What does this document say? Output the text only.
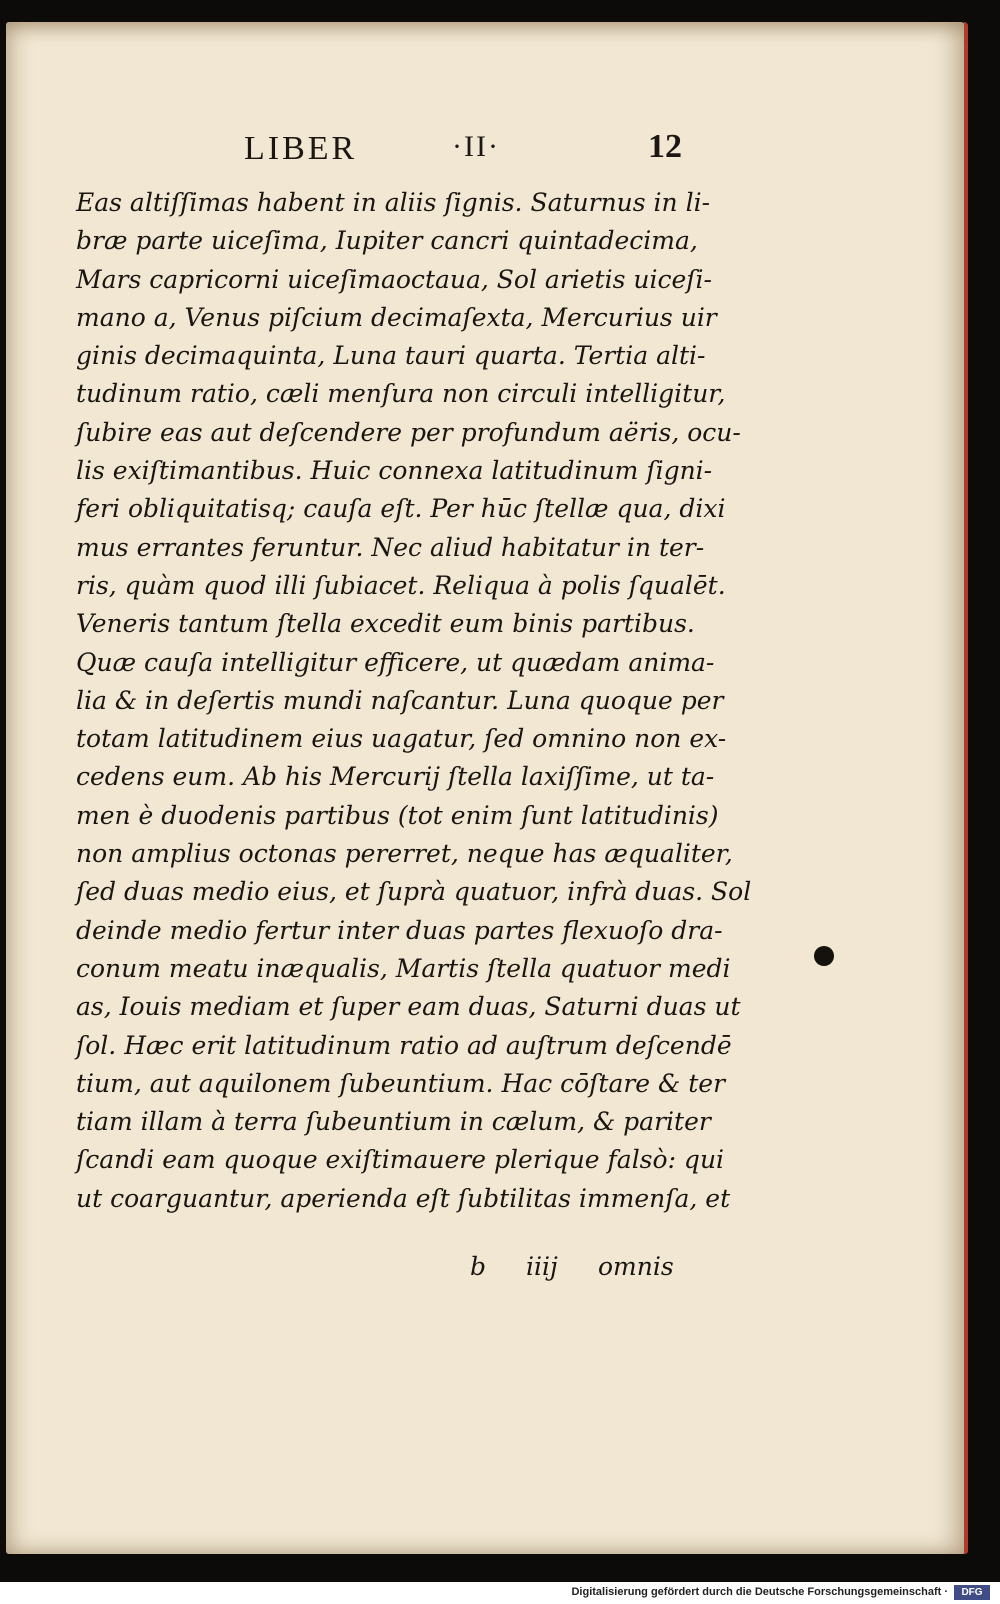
LIBER	·II·	12
Eas altiſſimas habent in aliis ſignis. Saturnus in li-
bræ parte uiceſima, Iupiter cancri quintadecima,
Mars capricorni uiceſimaoctaua, Sol arietis uiceſi-
mano a, Venus piſcium decimaſexta, Mercurius uir
ginis decimaquinta, Luna tauri quarta. Tertia alti-
tudinum ratio, cæli menſura non circuli intelligitur,
ſubire eas aut deſcendere per profundum aëris, ocu-
lis exiſtimantibus. Huic connexa latitudinum ſigni-
feri obliquitatisq; cauſa eſt. Per hūc ſtellæ qua, dixi
mus errantes feruntur. Nec aliud habitatur in ter-
ris, quàm quod illi ſubiacet. Reliqua à polis ſqualēt.
Veneris tantum ſtella excedit eum binis partibus.
Quæ cauſa intelligitur efficere, ut quædam anima-
lia & in deſertis mundi naſcantur. Luna quoque per
totam latitudinem eius uagatur, ſed omnino non ex-
cedens eum. Ab his Mercurij ſtella laxiſſime, ut ta-
men è duodenis partibus (tot enim ſunt latitudinis)
non amplius octonas pererret, neque has æqualiter,
ſed duas medio eius, et ſuprà quatuor, infrà duas. Sol
deinde medio fertur inter duas partes flexuoſo dra-
conum meatu inæqualis, Martis ſtella quatuor medi
as, Iouis mediam et ſuper eam duas, Saturni duas ut
ſol. Hæc erit latitudinum ratio ad auſtrum deſcendē
tium, aut aquilonem ſubeuntium. Hac cōſtare & ter
tiam illam à terra ſubeuntium in cælum, & pariter
ſcandi eam quoque exiſtimauere plerique falsò: qui
ut coarguantur, aperienda eſt ſubtilitas immenſa, et
b iiij omnis
Digitalisierung gefördert durch die Deutsche Forschungsgemeinschaft ·	DFG
